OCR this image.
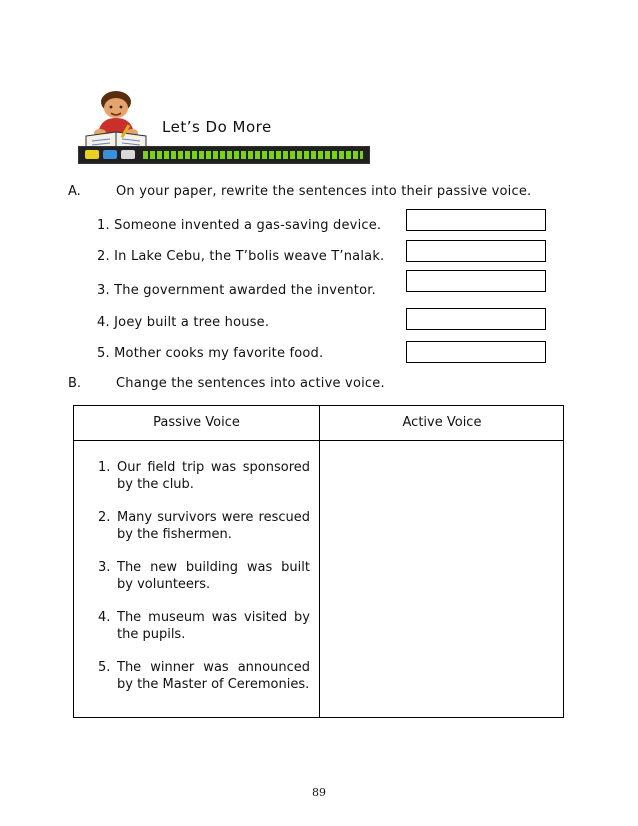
Let’s Do More
A.	On your paper, rewrite the sentences into their passive voice.
1. Someone invented a gas-saving device.
2. In Lake Cebu, the T’bolis weave T’nalak.
3. The government awarded the inventor.
4. Joey built a tree house.
5. Mother cooks my favorite food.
B.	Change the sentences into active voice.
Passive Voice	Active Voice
1. Our field trip was sponsored by the club.
2. Many survivors were rescued by the fishermen.
3. The new building was built by volunteers.
4. The museum was visited by the pupils.
5. The winner was announced by the Master of Ceremonies.
89
